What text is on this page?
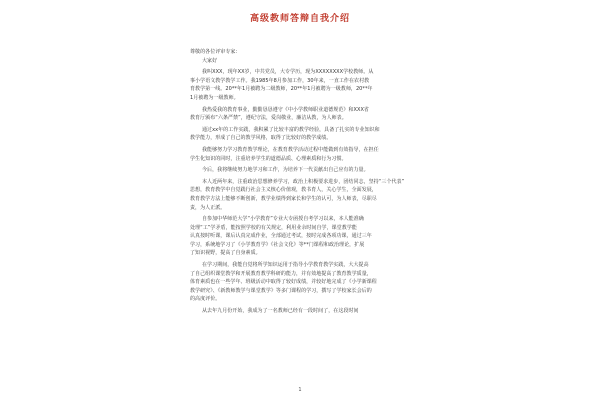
高级教师答辩自我介绍
尊敬的各位评审专家：
大家好
我叫XXX，现年XX岁，中共党员，大专学历，现为XXXXXXXX学校教师。从
事小学语文教学教学工作。我1985年8月参加工作，30年来，一直工作在农村教
育教学第一线。20**年1月被聘为二级教师，20**年1月被聘为一级教师，20**年
1月被聘为一级教师。
我热爱我的教育事业，勤勤恳恳遵守《中小学教师职业道德规范》和XXX省
教育厅颁布“六条严禁”，遵纪守法，爱岗敬业，廉洁从教，为人师表。
通过xx年的工作实践，我积累了比较丰富的教学经验，具备了扎实的专业知识和
教学能力，形成了自己的教学风格，取得了比较好的教学成绩。
我能够努力学习教育教学理论，在教育教学活动过程中能做到有效指导，在担任
学生化知识的同时，注重培养学生的道德品质、心理素质和行为习惯。
今后，我将继续努力地学习和工作，为培养下一代贡献出自己应有的力量。
本人近两年来，注重政治思想修养学习，政治上积极要求进步，团结同志，坚持“三个代表”
思想，教育教学中自觉践行社会主义核心价值观，教书育人，关心学生，全面发展，
教育教学方法上能够不断创新，教学业绩得到家长和学生的认可，为人师表，尽职尽
责，为人正派。
自参加中华师范大学“小学教育”专业大专函授自考学习以来，本人能准确
处理“工”学矛盾，能按照学校的有关规定，利用业余时间自学，课堂教学能
认真按时听课，课后认真完成作业，全部通过考试，按时完成各项功课，通过三年
学习，系统地学习了《小学教育学》《社会文化》等**门课程和政治理论，扩展
了知识视野，提高了自身素质。
在学习期间，我能自觉将所学知识运用于指导小学教育教学实践，大大提高
了自己组织课堂教学和开展教育教学科研的能力，并有效地提高了教育教学质量，
体育素质也在一些学年、班级活动中取得了较好成绩，并较好地完成了《小学新课程
教学研究》、《新教师教学与课堂教学》等多门课程的学习，撰写了学校家长会后的
的高度评价。
从去年九月份开始，我成为了一名教师已经有一段时间了，在这段时间
1
